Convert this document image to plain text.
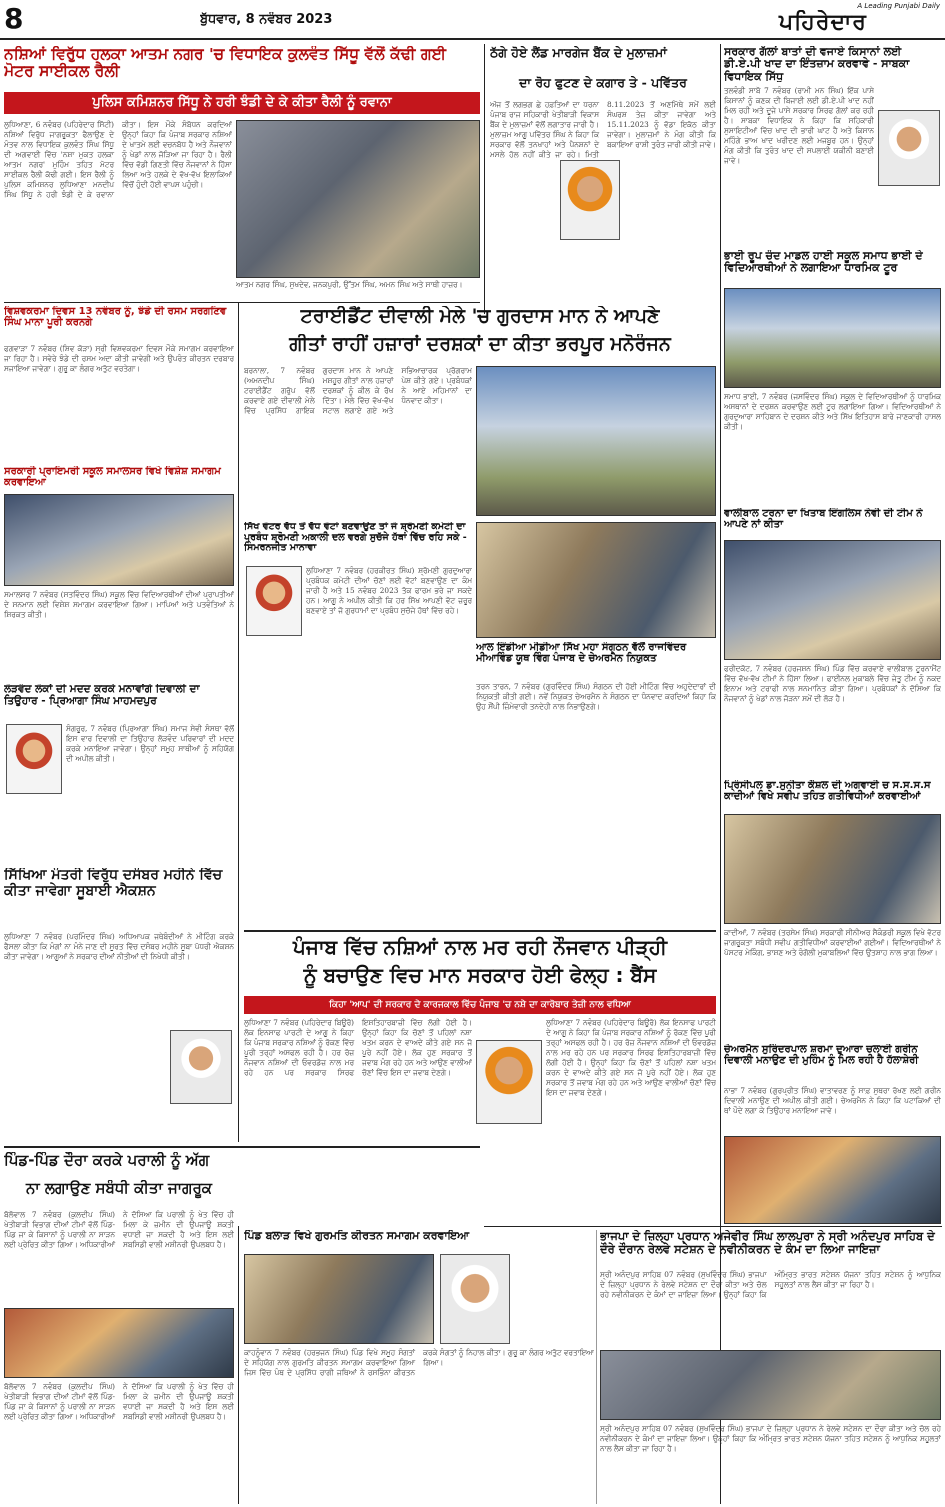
8	ਬੁੱਧਵਾਰ, 8 ਨਵੰਬਰ 2023
A Leading Punjabi Daily
ਪਹਿਰੇਦਾਰ
ਨਸ਼ਿਆਂ ਵਿਰੁੱਧ ਹਲਕਾ ਆਤਮ ਨਗਰ 'ਚ ਵਿਧਾਇਕ ਕੁਲਵੰਤ ਸਿੱਧੂ ਵੱਲੋਂ ਕੱਢੀ ਗਈ ਮੋਟਰ ਸਾਈਕਲ ਰੈਲੀ
ਪੁਲਿਸ ਕਮਿਸ਼ਨਰ ਸਿੱਧੂ ਨੇ ਹਰੀ ਝੰਡੀ ਦੇ ਕੇ ਕੀਤਾ ਰੈਲੀ ਨੂੰ ਰਵਾਨਾ
ਲੁਧਿਆਣਾ, 6 ਨਵੰਬਰ (ਪਹਿਰੇਦਾਰ ਸਿੱਟੀ) ਨਸ਼ਿਆਂ ਵਿਰੁੱਧ ਜਾਗਰੂਕਤਾ ਫੈਲਾਉਣ ਦੇ ਮੰਤਵ ਨਾਲ ਵਿਧਾਇਕ ਕੁਲਵੰਤ ਸਿੰਘ ਸਿੱਧੂ ਦੀ ਅਗਵਾਈ ਵਿੱਚ 'ਨਸ਼ਾ ਮੁਕਤ ਹਲਕਾ ਆਤਮ ਨਗਰ' ਮੁਹਿੰਮ ਤਹਿਤ ਮੋਟਰ ਸਾਈਕਲ ਰੈਲੀ ਕੱਢੀ ਗਈ। ਇਸ ਰੈਲੀ ਨੂੰ ਪੁਲਿਸ ਕਮਿਸ਼ਨਰ ਲੁਧਿਆਣਾ ਮਨਦੀਪ ਸਿੰਘ ਸਿੱਧੂ ਨੇ ਹਰੀ ਝੰਡੀ ਦੇ ਕੇ ਰਵਾਨਾ ਕੀਤਾ। ਇਸ ਮੌਕੇ ਸੰਬੋਧਨ ਕਰਦਿਆਂ ਉਨ੍ਹਾਂ ਕਿਹਾ ਕਿ ਪੰਜਾਬ ਸਰਕਾਰ ਨਸ਼ਿਆਂ ਦੇ ਖਾਤਮੇ ਲਈ ਵਚਨਬੱਧ ਹੈ ਅਤੇ ਨੌਜਵਾਨਾਂ ਨੂੰ ਖੇਡਾਂ ਨਾਲ ਜੋੜਿਆ ਜਾ ਰਿਹਾ ਹੈ। ਰੈਲੀ ਵਿੱਚ ਵੱਡੀ ਗਿਣਤੀ ਵਿੱਚ ਨੌਜਵਾਨਾਂ ਨੇ ਹਿੱਸਾ ਲਿਆ ਅਤੇ ਹਲਕੇ ਦੇ ਵੱਖ-ਵੱਖ ਇਲਾਕਿਆਂ ਵਿੱਚੋਂ ਹੁੰਦੀ ਹੋਈ ਵਾਪਸ ਪਹੁੰਚੀ।
ਆਤਮ ਨਗਰ ਸਿੰਘ, ਸੁਖਦੇਵ, ਜਨਕਪੁਰੀ, ਉੱਤਮ ਸਿੰਘ, ਅਮਨ ਸਿੰਘ ਅਤੇ ਸਾਥੀ ਹਾਜ਼ਰ।
ਠੱਗੇ ਹੋਏ ਲੈਂਡ ਮਾਰਗੇਜ ਬੈਂਕ ਦੇ ਮੁਲਾਜ਼ਮਾਂ
ਦਾ ਰੋਹ ਫੁਟਣ ਦੇ ਕਗਾਰ ਤੇ - ਪਵਿੱਤਰ
ਅੱਜ ਤੋਂ ਲਗਭਗ ਛੇ ਹਫ਼ਤਿਆਂ ਦਾ ਧਰਨਾ ਪੰਜਾਬ ਰਾਜ ਸਹਿਕਾਰੀ ਖੇਤੀਬਾੜੀ ਵਿਕਾਸ ਬੈਂਕ ਦੇ ਮੁਲਾਜ਼ਮਾਂ ਵੱਲੋਂ ਲਗਾਤਾਰ ਜਾਰੀ ਹੈ। ਮੁਲਾਜ਼ਮ ਆਗੂ ਪਵਿੱਤਰ ਸਿੰਘ ਨੇ ਕਿਹਾ ਕਿ ਸਰਕਾਰ ਵੱਲੋਂ ਤਨਖਾਹਾਂ ਅਤੇ ਪੈਨਸ਼ਨਾਂ ਦੇ ਮਸਲੇ ਹੱਲ ਨਹੀਂ ਕੀਤੇ ਜਾ ਰਹੇ। ਮਿਤੀ 8.11.2023 ਤੋਂ ਅਣਮਿੱਥੇ ਸਮੇਂ ਲਈ ਸੰਘਰਸ਼ ਤੇਜ਼ ਕੀਤਾ ਜਾਵੇਗਾ ਅਤੇ 15.11.2023 ਨੂੰ ਵੱਡਾ ਇਕੱਠ ਕੀਤਾ ਜਾਵੇਗਾ। ਮੁਲਾਜ਼ਮਾਂ ਨੇ ਮੰਗ ਕੀਤੀ ਕਿ ਬਕਾਇਆ ਰਾਸ਼ੀ ਤੁਰੰਤ ਜਾਰੀ ਕੀਤੀ ਜਾਵੇ।
ਸਰਕਾਰ ਗੱਲਾਂ ਬਾਤਾਂ ਦੀ ਵਜਾਏ ਕਿਸਾਨਾਂ ਲਈ ਡੀ.ਏ.ਪੀ ਖਾਦ ਦਾ ਇੰਤਜ਼ਾਮ ਕਰਵਾਵੇ - ਸਾਬਕਾ ਵਿਧਾਇਕ ਸਿੱਧੂ
ਤਲਵੰਡੀ ਸਾਬੋ 7 ਨਵੰਬਰ (ਰਾਮੀ ਮਨ ਸਿੰਘ) ਇੱਕ ਪਾਸੇ ਕਿਸਾਨਾਂ ਨੂੰ ਕਣਕ ਦੀ ਬਿਜਾਈ ਲਈ ਡੀ.ਏ.ਪੀ ਖਾਦ ਨਹੀਂ ਮਿਲ ਰਹੀ ਅਤੇ ਦੂਜੇ ਪਾਸੇ ਸਰਕਾਰ ਸਿਰਫ ਗੱਲਾਂ ਕਰ ਰਹੀ ਹੈ। ਸਾਬਕਾ ਵਿਧਾਇਕ ਨੇ ਕਿਹਾ ਕਿ ਸਹਿਕਾਰੀ ਸੁਸਾਇਟੀਆਂ ਵਿੱਚ ਖਾਦ ਦੀ ਭਾਰੀ ਘਾਟ ਹੈ ਅਤੇ ਕਿਸਾਨ ਮਹਿੰਗੇ ਭਾਅ ਖਾਦ ਖਰੀਦਣ ਲਈ ਮਜਬੂਰ ਹਨ। ਉਨ੍ਹਾਂ ਮੰਗ ਕੀਤੀ ਕਿ ਤੁਰੰਤ ਖਾਦ ਦੀ ਸਪਲਾਈ ਯਕੀਨੀ ਬਣਾਈ ਜਾਵੇ।
ਭਾਈ ਰੂਪ ਚੰਦ ਮਾਡਲ ਹਾਈ ਸਕੂਲ ਸਮਾਧ ਭਾਈ ਦੇ ਵਿਦਿਆਰਥੀਆਂ ਨੇ ਲਗਾਇਆ ਧਾਰਮਿਕ ਟੂਰ
ਸਮਾਧ ਭਾਈ, 7 ਨਵੰਬਰ (ਜਸਵਿੰਦਰ ਸਿੰਘ) ਸਕੂਲ ਦੇ ਵਿਦਿਆਰਥੀਆਂ ਨੂੰ ਧਾਰਮਿਕ ਅਸਥਾਨਾਂ ਦੇ ਦਰਸ਼ਨ ਕਰਵਾਉਣ ਲਈ ਟੂਰ ਲਗਾਇਆ ਗਿਆ। ਵਿਦਿਆਰਥੀਆਂ ਨੇ ਗੁਰਦੁਆਰਾ ਸਾਹਿਬਾਨ ਦੇ ਦਰਸ਼ਨ ਕੀਤੇ ਅਤੇ ਸਿੱਖ ਇਤਿਹਾਸ ਬਾਰੇ ਜਾਣਕਾਰੀ ਹਾਸਲ ਕੀਤੀ।
ਵਾਲੀਬਾਲ ਟਰਨਾ ਦਾ ਖਿਤਾਬ ਇੰਗਲਿਸ ਨੇਵੀ ਦੀ ਟੀਮ ਨੇ ਆਪਣੇ ਨਾਂ ਕੀਤਾ
ਫਰੀਦਕੋਟ, 7 ਨਵੰਬਰ (ਹਰਜਸ਼ਨ ਸਿੰਘ) ਪਿੰਡ ਵਿੱਚ ਕਰਵਾਏ ਵਾਲੀਬਾਲ ਟੂਰਨਾਮੈਂਟ ਵਿੱਚ ਵੱਖ-ਵੱਖ ਟੀਮਾਂ ਨੇ ਹਿੱਸਾ ਲਿਆ। ਫਾਈਨਲ ਮੁਕਾਬਲੇ ਵਿੱਚ ਜੇਤੂ ਟੀਮ ਨੂੰ ਨਕਦ ਇਨਾਮ ਅਤੇ ਟਰਾਫੀ ਨਾਲ ਸਨਮਾਨਿਤ ਕੀਤਾ ਗਿਆ। ਪ੍ਰਬੰਧਕਾਂ ਨੇ ਦੱਸਿਆ ਕਿ ਨੌਜਵਾਨਾਂ ਨੂੰ ਖੇਡਾਂ ਨਾਲ ਜੋੜਨਾ ਸਮੇਂ ਦੀ ਲੋੜ ਹੈ।
ਪ੍ਰਿੰਸੀਪਲ ਡਾ.ਸੁਨੀਤਾ ਕੌਸ਼ਲ ਦੀ ਅਗਵਾਈ ਚ ਸ.ਸ.ਸ.ਸ ਕਾਦੀਆਂ ਵਿਖੇ ਸਵੀਪ ਤਹਿਤ ਗਤੀਵਿਧੀਆਂ ਕਰਵਾਈਆਂ
ਕਾਦੀਆਂ, 7 ਨਵੰਬਰ (ਤਰਸੇਮ ਸਿੰਘ) ਸਰਕਾਰੀ ਸੀਨੀਅਰ ਸੈਕੰਡਰੀ ਸਕੂਲ ਵਿਖੇ ਵੋਟਰ ਜਾਗਰੂਕਤਾ ਸਬੰਧੀ ਸਵੀਪ ਗਤੀਵਿਧੀਆਂ ਕਰਵਾਈਆਂ ਗਈਆਂ। ਵਿਦਿਆਰਥੀਆਂ ਨੇ ਪੋਸਟਰ ਮੇਕਿੰਗ, ਭਾਸ਼ਣ ਅਤੇ ਰੰਗੋਲੀ ਮੁਕਾਬਲਿਆਂ ਵਿੱਚ ਉਤਸ਼ਾਹ ਨਾਲ ਭਾਗ ਲਿਆ।
ਚੇਅਰਮੈਨ ਸੁਰਿੰਦਰਪਾਲ ਸ਼ਰਮਾ ਦੁਆਰਾ ਚਲਾਈ ਗਰੀਨ ਦਿਵਾਲੀ ਮਨਾਉਣ ਦੀ ਮੁਹਿੰਮ ਨੂੰ ਮਿਲ ਰਹੀ ਹੈ ਹੱਲਾਸ਼ੇਰੀ
ਨਾਭਾ 7 ਨਵੰਬਰ (ਗੁਰਪ੍ਰੀਤ ਸਿੰਘ) ਵਾਤਾਵਰਣ ਨੂੰ ਸਾਫ਼ ਸੁਥਰਾ ਰੱਖਣ ਲਈ ਗਰੀਨ ਦਿਵਾਲੀ ਮਨਾਉਣ ਦੀ ਅਪੀਲ ਕੀਤੀ ਗਈ। ਚੇਅਰਮੈਨ ਨੇ ਕਿਹਾ ਕਿ ਪਟਾਕਿਆਂ ਦੀ ਥਾਂ ਪੌਦੇ ਲਗਾ ਕੇ ਤਿਉਹਾਰ ਮਨਾਇਆ ਜਾਵੇ।
ਭਾਜਪਾ ਦੇ ਜ਼ਿਲ੍ਹਾ ਪ੍ਰਧਾਨ ਅਜੇਵੀਰ ਸਿੰਘ ਲਾਲਪੁਰਾ ਨੇ ਸ੍ਰੀ ਅਨੰਦਪੁਰ ਸਾਹਿਬ ਦੇ ਦੌਰੇ ਦੌਰਾਨ ਰੇਲਵੇ ਸਟੇਸ਼ਨ ਦੇ ਨਵੀਨੀਕਰਨ ਦੇ ਕੰਮ ਦਾ ਲਿਆ ਜਾਇਜ਼ਾ
ਸ੍ਰੀ ਅਨੰਦਪੁਰ ਸਾਹਿਬ 07 ਨਵੰਬਰ (ਸੁਖਵਿੰਦਰ ਸਿੰਘ) ਭਾਜਪਾ ਦੇ ਜ਼ਿਲ੍ਹਾ ਪ੍ਰਧਾਨ ਨੇ ਰੇਲਵੇ ਸਟੇਸ਼ਨ ਦਾ ਦੌਰਾ ਕੀਤਾ ਅਤੇ ਚੱਲ ਰਹੇ ਨਵੀਨੀਕਰਨ ਦੇ ਕੰਮਾਂ ਦਾ ਜਾਇਜ਼ਾ ਲਿਆ। ਉਨ੍ਹਾਂ ਕਿਹਾ ਕਿ ਅੰਮ੍ਰਿਤ ਭਾਰਤ ਸਟੇਸ਼ਨ ਯੋਜਨਾ ਤਹਿਤ ਸਟੇਸ਼ਨ ਨੂੰ ਆਧੁਨਿਕ ਸਹੂਲਤਾਂ ਨਾਲ ਲੈਸ ਕੀਤਾ ਜਾ ਰਿਹਾ ਹੈ।
ਸ੍ਰੀ ਅਨੰਦਪੁਰ ਸਾਹਿਬ 07 ਨਵੰਬਰ (ਸੁਖਵਿੰਦਰ ਸਿੰਘ) ਭਾਜਪਾ ਦੇ ਜ਼ਿਲ੍ਹਾ ਪ੍ਰਧਾਨ ਨੇ ਰੇਲਵੇ ਸਟੇਸ਼ਨ ਦਾ ਦੌਰਾ ਕੀਤਾ ਅਤੇ ਚੱਲ ਰਹੇ ਨਵੀਨੀਕਰਨ ਦੇ ਕੰਮਾਂ ਦਾ ਜਾਇਜ਼ਾ ਲਿਆ। ਉਨ੍ਹਾਂ ਕਿਹਾ ਕਿ ਅੰਮ੍ਰਿਤ ਭਾਰਤ ਸਟੇਸ਼ਨ ਯੋਜਨਾ ਤਹਿਤ ਸਟੇਸ਼ਨ ਨੂੰ ਆਧੁਨਿਕ ਸਹੂਲਤਾਂ ਨਾਲ ਲੈਸ ਕੀਤਾ ਜਾ ਰਿਹਾ ਹੈ।
ਵਿਸ਼ਵਕਰਮਾ ਦਿਵਸ 13 ਨਵੰਬਰ ਨੂੰ, ਝੰਡੇ ਦੀ ਰਸਮ ਸਰਗਣਿਵ ਸਿੰਘ ਮਾਨਾ ਪੂਰੀ ਕਰਨਗੇ
ਫਗਵਾੜਾ 7 ਨਵੰਬਰ (ਸ਼ਿਵ ਕੋੜਾ) ਸ੍ਰੀ ਵਿਸ਼ਵਕਰਮਾ ਦਿਵਸ ਮੌਕੇ ਸਮਾਗਮ ਕਰਵਾਇਆ ਜਾ ਰਿਹਾ ਹੈ। ਸਵੇਰੇ ਝੰਡੇ ਦੀ ਰਸਮ ਅਦਾ ਕੀਤੀ ਜਾਵੇਗੀ ਅਤੇ ਉਪਰੰਤ ਕੀਰਤਨ ਦਰਬਾਰ ਸਜਾਇਆ ਜਾਵੇਗਾ। ਗੁਰੂ ਕਾ ਲੰਗਰ ਅਤੁੱਟ ਵਰਤੇਗਾ।
ਸਰਕਾਰੀ ਪ੍ਰਾਇਮਰੀ ਸਕੂਲ ਸਮਾਲਸਰ ਵਿਖੇ ਵਿਸ਼ੇਸ਼ ਸਮਾਗਮ ਕਰਵਾਇਆ
ਸਮਾਲਸਰ 7 ਨਵੰਬਰ (ਸਤਵਿੰਦਰ ਸਿੰਘ) ਸਕੂਲ ਵਿੱਚ ਵਿਦਿਆਰਥੀਆਂ ਦੀਆਂ ਪ੍ਰਾਪਤੀਆਂ ਦੇ ਸਨਮਾਨ ਲਈ ਵਿਸ਼ੇਸ਼ ਸਮਾਗਮ ਕਰਵਾਇਆ ਗਿਆ। ਮਾਪਿਆਂ ਅਤੇ ਪਤਵੰਤਿਆਂ ਨੇ ਸ਼ਿਰਕਤ ਕੀਤੀ।
ਲੋੜਵੰਦ ਲੋਕਾਂ ਦੀ ਮਦਦ ਕਰਕੇ ਮਨਾਵਾਂਗੇ ਦਿਵਾਲੀ ਦਾ ਤਿਉਹਾਰ - ਪ੍ਰਿਆਗਾ ਸਿੰਘ ਮਾਹਮਦਪੁਰ
ਸੰਗਰੂਰ, 7 ਨਵੰਬਰ (ਪ੍ਰਿਆਗਾ ਸਿੰਘ) ਸਮਾਜ ਸੇਵੀ ਸੰਸਥਾ ਵੱਲੋਂ ਇਸ ਵਾਰ ਦਿਵਾਲੀ ਦਾ ਤਿਉਹਾਰ ਲੋੜਵੰਦ ਪਰਿਵਾਰਾਂ ਦੀ ਮਦਦ ਕਰਕੇ ਮਨਾਇਆ ਜਾਵੇਗਾ। ਉਨ੍ਹਾਂ ਸਮੂਹ ਸਾਥੀਆਂ ਨੂੰ ਸਹਿਯੋਗ ਦੀ ਅਪੀਲ ਕੀਤੀ।
ਸਿੱਖਿਆ ਮੰਤਰੀ ਵਿਰੁੱਧ ਦਸੰਬਰ ਮਹੀਨੇ ਵਿੱਚ ਕੀਤਾ ਜਾਵੇਗਾ ਸੂਬਾਈ ਐਕਸ਼ਨ
ਲੁਧਿਆਣਾ 7 ਨਵੰਬਰ (ਪਰਮਿੰਦਰ ਸਿੰਘ) ਅਧਿਆਪਕ ਜਥੇਬੰਦੀਆਂ ਨੇ ਮੀਟਿੰਗ ਕਰਕੇ ਫੈਸਲਾ ਕੀਤਾ ਕਿ ਮੰਗਾਂ ਨਾ ਮੰਨੇ ਜਾਣ ਦੀ ਸੂਰਤ ਵਿੱਚ ਦਸੰਬਰ ਮਹੀਨੇ ਸੂਬਾ ਪੱਧਰੀ ਐਕਸ਼ਨ ਕੀਤਾ ਜਾਵੇਗਾ। ਆਗੂਆਂ ਨੇ ਸਰਕਾਰ ਦੀਆਂ ਨੀਤੀਆਂ ਦੀ ਨਿਖੇਧੀ ਕੀਤੀ।
ਟਰਾਈਡੈਂਟ ਦੀਵਾਲੀ ਮੇਲੇ 'ਚ ਗੁਰਦਾਸ ਮਾਨ ਨੇ ਆਪਣੇ
ਗੀਤਾਂ ਰਾਹੀਂ ਹਜ਼ਾਰਾਂ ਦਰਸ਼ਕਾਂ ਦਾ ਕੀਤਾ ਭਰਪੂਰ ਮਨੋਰੰਜਨ
ਬਰਨਾਲਾ, 7 ਨਵੰਬਰ (ਅਮਨਦੀਪ ਸਿੰਘ) ਟਰਾਈਡੈਂਟ ਗਰੁੱਪ ਵੱਲੋਂ ਕਰਵਾਏ ਗਏ ਦੀਵਾਲੀ ਮੇਲੇ ਵਿੱਚ ਪ੍ਰਸਿੱਧ ਗਾਇਕ ਗੁਰਦਾਸ ਮਾਨ ਨੇ ਆਪਣੇ ਮਸ਼ਹੂਰ ਗੀਤਾਂ ਨਾਲ ਹਜ਼ਾਰਾਂ ਦਰਸ਼ਕਾਂ ਨੂੰ ਕੀਲ ਕੇ ਰੱਖ ਦਿੱਤਾ। ਮੇਲੇ ਵਿੱਚ ਵੱਖ-ਵੱਖ ਸਟਾਲ ਲਗਾਏ ਗਏ ਅਤੇ ਸਭਿਆਚਾਰਕ ਪ੍ਰੋਗਰਾਮ ਪੇਸ਼ ਕੀਤੇ ਗਏ। ਪ੍ਰਬੰਧਕਾਂ ਨੇ ਆਏ ਮਹਿਮਾਨਾਂ ਦਾ ਧੰਨਵਾਦ ਕੀਤਾ।
ਸਿੱਖ ਵੋਟਰ ਵੱਧ ਤੋਂ ਵੱਧ ਵੋਟਾਂ ਬਣਵਾਉਣ ਤਾਂ ਜੋ ਸ਼੍ਰੋਮਣੀ ਕਮੇਟੀ ਦਾ ਪ੍ਰਬੰਧ ਸ਼੍ਰੋਮਣੀ ਅਕਾਲੀ ਦਲ ਵਰਗੇ ਸੁਚੱਜੇ ਹੱਥਾਂ ਵਿੱਚ ਰਹਿ ਸਕੇ - ਸਿਮਰਨਜੀਤ ਮਾਨਾਵਾ
ਲੁਧਿਆਣਾ 7 ਨਵੰਬਰ (ਹਰਕੀਰਤ ਸਿੰਘ) ਸ਼੍ਰੋਮਣੀ ਗੁਰਦੁਆਰਾ ਪ੍ਰਬੰਧਕ ਕਮੇਟੀ ਦੀਆਂ ਚੋਣਾਂ ਲਈ ਵੋਟਾਂ ਬਣਵਾਉਣ ਦਾ ਕੰਮ ਜਾਰੀ ਹੈ ਅਤੇ 15 ਨਵੰਬਰ 2023 ਤੱਕ ਫਾਰਮ ਭਰੇ ਜਾ ਸਕਦੇ ਹਨ। ਆਗੂ ਨੇ ਅਪੀਲ ਕੀਤੀ ਕਿ ਹਰ ਸਿੱਖ ਆਪਣੀ ਵੋਟ ਜ਼ਰੂਰ ਬਣਵਾਏ ਤਾਂ ਜੋ ਗੁਰਧਾਮਾਂ ਦਾ ਪ੍ਰਬੰਧ ਸੁਚੱਜੇ ਹੱਥਾਂ ਵਿੱਚ ਰਹੇ।
ਆਲ ਇੰਡੀਆ ਮੀਡੀਆ ਸਿੱਖ ਮਹਾ ਸੰਗਠਨ ਵੱਲੋਂ ਰਾਜਵਿੰਦਰ ਮੀਆਵਿੰਡ ਯੂਥ ਵਿੰਗ ਪੰਜਾਬ ਦੇ ਚੇਅਰਮੈਨ ਨਿਯੁਕਤ
ਤਰਨ ਤਾਰਨ, 7 ਨਵੰਬਰ (ਗੁਰਵਿੰਦਰ ਸਿੰਘ) ਸੰਗਠਨ ਦੀ ਹੋਈ ਮੀਟਿੰਗ ਵਿੱਚ ਅਹੁਦੇਦਾਰਾਂ ਦੀ ਨਿਯੁਕਤੀ ਕੀਤੀ ਗਈ। ਨਵੇਂ ਨਿਯੁਕਤ ਚੇਅਰਮੈਨ ਨੇ ਸੰਗਠਨ ਦਾ ਧੰਨਵਾਦ ਕਰਦਿਆਂ ਕਿਹਾ ਕਿ ਉਹ ਸੌਂਪੀ ਜ਼ਿੰਮੇਵਾਰੀ ਤਨਦੇਹੀ ਨਾਲ ਨਿਭਾਉਣਗੇ।
ਪੰਜਾਬ ਵਿੱਚ ਨਸ਼ਿਆਂ ਨਾਲ ਮਰ ਰਹੀ ਨੌਜਵਾਨ ਪੀੜ੍ਹੀ
ਨੂੰ ਬਚਾਉਣ ਵਿਚ ਮਾਨ ਸਰਕਾਰ ਹੋਈ ਫੇਲ੍ਹ : ਬੈਂਸ
ਕਿਹਾ 'ਆਪ' ਦੀ ਸਰਕਾਰ ਦੇ ਕਾਰਜਕਾਲ ਵਿੱਚ ਪੰਜਾਬ 'ਚ ਨਸ਼ੇ ਦਾ ਕਾਰੋਬਾਰ ਤੇਜ਼ੀ ਨਾਲ ਵਧਿਆ
ਲੁਧਿਆਣਾ 7 ਨਵੰਬਰ (ਪਹਿਰੇਦਾਰ ਬਿਊਰੋ) ਲੋਕ ਇਨਸਾਫ ਪਾਰਟੀ ਦੇ ਆਗੂ ਨੇ ਕਿਹਾ ਕਿ ਪੰਜਾਬ ਸਰਕਾਰ ਨਸ਼ਿਆਂ ਨੂੰ ਰੋਕਣ ਵਿੱਚ ਪੂਰੀ ਤਰ੍ਹਾਂ ਅਸਫਲ ਰਹੀ ਹੈ। ਹਰ ਰੋਜ਼ ਨੌਜਵਾਨ ਨਸ਼ਿਆਂ ਦੀ ਓਵਰਡੋਜ਼ ਨਾਲ ਮਰ ਰਹੇ ਹਨ ਪਰ ਸਰਕਾਰ ਸਿਰਫ ਇਸ਼ਤਿਹਾਰਬਾਜ਼ੀ ਵਿੱਚ ਲੱਗੀ ਹੋਈ ਹੈ। ਉਨ੍ਹਾਂ ਕਿਹਾ ਕਿ ਚੋਣਾਂ ਤੋਂ ਪਹਿਲਾਂ ਨਸ਼ਾ ਖਤਮ ਕਰਨ ਦੇ ਵਾਅਦੇ ਕੀਤੇ ਗਏ ਸਨ ਜੋ ਪੂਰੇ ਨਹੀਂ ਹੋਏ। ਲੋਕ ਹੁਣ ਸਰਕਾਰ ਤੋਂ ਜਵਾਬ ਮੰਗ ਰਹੇ ਹਨ ਅਤੇ ਆਉਣ ਵਾਲੀਆਂ ਚੋਣਾਂ ਵਿੱਚ ਇਸ ਦਾ ਜਵਾਬ ਦੇਣਗੇ।
ਲੁਧਿਆਣਾ 7 ਨਵੰਬਰ (ਪਹਿਰੇਦਾਰ ਬਿਊਰੋ) ਲੋਕ ਇਨਸਾਫ ਪਾਰਟੀ ਦੇ ਆਗੂ ਨੇ ਕਿਹਾ ਕਿ ਪੰਜਾਬ ਸਰਕਾਰ ਨਸ਼ਿਆਂ ਨੂੰ ਰੋਕਣ ਵਿੱਚ ਪੂਰੀ ਤਰ੍ਹਾਂ ਅਸਫਲ ਰਹੀ ਹੈ। ਹਰ ਰੋਜ਼ ਨੌਜਵਾਨ ਨਸ਼ਿਆਂ ਦੀ ਓਵਰਡੋਜ਼ ਨਾਲ ਮਰ ਰਹੇ ਹਨ ਪਰ ਸਰਕਾਰ ਸਿਰਫ ਇਸ਼ਤਿਹਾਰਬਾਜ਼ੀ ਵਿੱਚ ਲੱਗੀ ਹੋਈ ਹੈ। ਉਨ੍ਹਾਂ ਕਿਹਾ ਕਿ ਚੋਣਾਂ ਤੋਂ ਪਹਿਲਾਂ ਨਸ਼ਾ ਖਤਮ ਕਰਨ ਦੇ ਵਾਅਦੇ ਕੀਤੇ ਗਏ ਸਨ ਜੋ ਪੂਰੇ ਨਹੀਂ ਹੋਏ। ਲੋਕ ਹੁਣ ਸਰਕਾਰ ਤੋਂ ਜਵਾਬ ਮੰਗ ਰਹੇ ਹਨ ਅਤੇ ਆਉਣ ਵਾਲੀਆਂ ਚੋਣਾਂ ਵਿੱਚ ਇਸ ਦਾ ਜਵਾਬ ਦੇਣਗੇ।
ਪਿੰਡ-ਪਿੰਡ ਦੌਰਾ ਕਰਕੇ ਪਰਾਲੀ ਨੂੰ ਅੱਗ
ਨਾ ਲਗਾਉਣ ਸਬੰਧੀ ਕੀਤਾ ਜਾਗਰੂਕ
ਬੱਲੋਵਾਲ 7 ਨਵੰਬਰ (ਕੁਲਦੀਪ ਸਿੰਘ) ਖੇਤੀਬਾੜੀ ਵਿਭਾਗ ਦੀਆਂ ਟੀਮਾਂ ਵੱਲੋਂ ਪਿੰਡ-ਪਿੰਡ ਜਾ ਕੇ ਕਿਸਾਨਾਂ ਨੂੰ ਪਰਾਲੀ ਨਾ ਸਾੜਨ ਲਈ ਪ੍ਰੇਰਿਤ ਕੀਤਾ ਗਿਆ। ਅਧਿਕਾਰੀਆਂ ਨੇ ਦੱਸਿਆ ਕਿ ਪਰਾਲੀ ਨੂੰ ਖੇਤ ਵਿੱਚ ਹੀ ਮਿਲਾ ਕੇ ਜ਼ਮੀਨ ਦੀ ਉਪਜਾਊ ਸ਼ਕਤੀ ਵਧਾਈ ਜਾ ਸਕਦੀ ਹੈ ਅਤੇ ਇਸ ਲਈ ਸਬਸਿਡੀ ਵਾਲੀ ਮਸ਼ੀਨਰੀ ਉਪਲਬਧ ਹੈ।
ਬੱਲੋਵਾਲ 7 ਨਵੰਬਰ (ਕੁਲਦੀਪ ਸਿੰਘ) ਖੇਤੀਬਾੜੀ ਵਿਭਾਗ ਦੀਆਂ ਟੀਮਾਂ ਵੱਲੋਂ ਪਿੰਡ-ਪਿੰਡ ਜਾ ਕੇ ਕਿਸਾਨਾਂ ਨੂੰ ਪਰਾਲੀ ਨਾ ਸਾੜਨ ਲਈ ਪ੍ਰੇਰਿਤ ਕੀਤਾ ਗਿਆ। ਅਧਿਕਾਰੀਆਂ ਨੇ ਦੱਸਿਆ ਕਿ ਪਰਾਲੀ ਨੂੰ ਖੇਤ ਵਿੱਚ ਹੀ ਮਿਲਾ ਕੇ ਜ਼ਮੀਨ ਦੀ ਉਪਜਾਊ ਸ਼ਕਤੀ ਵਧਾਈ ਜਾ ਸਕਦੀ ਹੈ ਅਤੇ ਇਸ ਲਈ ਸਬਸਿਡੀ ਵਾਲੀ ਮਸ਼ੀਨਰੀ ਉਪਲਬਧ ਹੈ।
ਪਿੰਡ ਬਲਾੜ ਵਿਖੇ ਗੁਰਮਤਿ ਕੀਰਤਨ ਸਮਾਗਮ ਕਰਵਾਇਆ
ਕਾਹਨੂੰਵਾਨ 7 ਨਵੰਬਰ (ਹਰਭਜਨ ਸਿੰਘ) ਪਿੰਡ ਵਿਖੇ ਸਮੂਹ ਸੰਗਤਾਂ ਦੇ ਸਹਿਯੋਗ ਨਾਲ ਗੁਰਮਤਿ ਕੀਰਤਨ ਸਮਾਗਮ ਕਰਵਾਇਆ ਗਿਆ ਜਿਸ ਵਿੱਚ ਪੰਥ ਦੇ ਪ੍ਰਸਿੱਧ ਰਾਗੀ ਜਥਿਆਂ ਨੇ ਰਸਭਿੰਨਾ ਕੀਰਤਨ ਕਰਕੇ ਸੰਗਤਾਂ ਨੂੰ ਨਿਹਾਲ ਕੀਤਾ। ਗੁਰੂ ਕਾ ਲੰਗਰ ਅਤੁੱਟ ਵਰਤਾਇਆ ਗਿਆ।
